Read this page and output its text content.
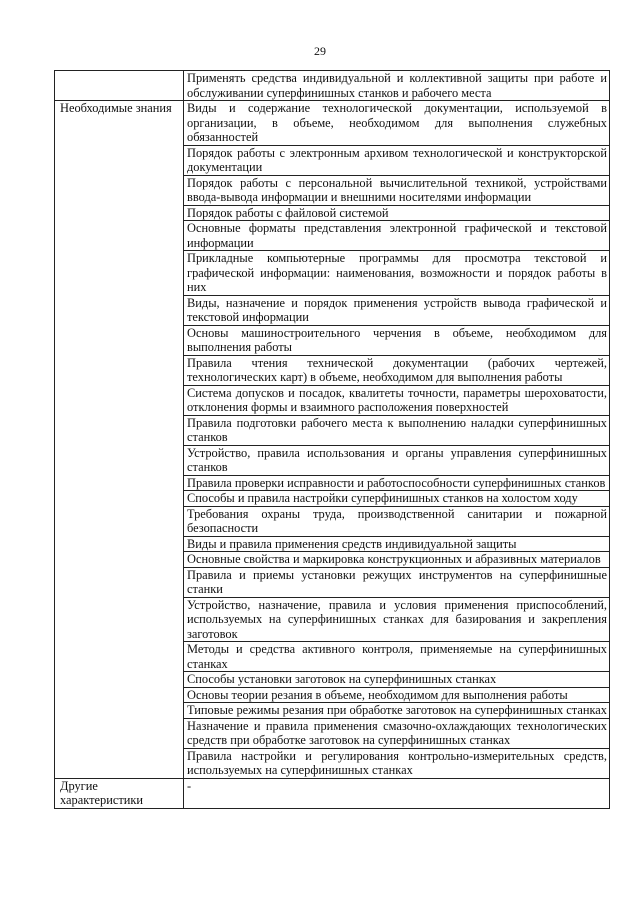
29
	Применять средства индивидуальной и коллективной защиты при работе и обслуживании суперфинишных станков и рабочего места
Необходимые знания	Виды и содержание технологической документации, используемой в организации, в объеме, необходимом для выполнения служебных обязанностей
	Порядок работы с электронным архивом технологической и конструкторской документации
	Порядок работы с персональной вычислительной техникой, устройствами ввода-вывода информации и внешними носителями информации
	Порядок работы с файловой системой
	Основные форматы представления электронной графической и текстовой информации
	Прикладные компьютерные программы для просмотра текстовой и графической информации: наименования, возможности и порядок работы в них
	Виды, назначение и порядок применения устройств вывода графической и текстовой информации
	Основы машиностроительного черчения в объеме, необходимом для выполнения работы
	Правила чтения технической документации (рабочих чертежей, технологических карт) в объеме, необходимом для выполнения работы
	Система допусков и посадок, квалитеты точности, параметры шероховатости, отклонения формы и взаимного расположения поверхностей
	Правила подготовки рабочего места к выполнению наладки суперфинишных станков
	Устройство, правила использования и органы управления суперфинишных станков
	Правила проверки исправности и работоспособности суперфинишных станков
	Способы и правила настройки суперфинишных станков на холостом ходу
	Требования охраны труда, производственной санитарии и пожарной безопасности
	Виды и правила применения средств индивидуальной защиты
	Основные свойства и маркировка конструкционных и абразивных материалов
	Правила и приемы установки режущих инструментов на суперфинишные станки
	Устройство, назначение, правила и условия применения приспособлений, используемых на суперфинишных станках для базирования и закрепления заготовок
	Методы и средства активного контроля, применяемые на суперфинишных станках
	Способы установки заготовок на суперфинишных станках
	Основы теории резания в объеме, необходимом для выполнения работы
	Типовые режимы резания при обработке заготовок на суперфинишных станках
	Назначение и правила применения смазочно-охлаждающих технологических средств при обработке заготовок на суперфинишных станках
	Правила настройки и регулирования контрольно-измерительных средств, используемых на суперфинишных станках
Другие характеристики	-
